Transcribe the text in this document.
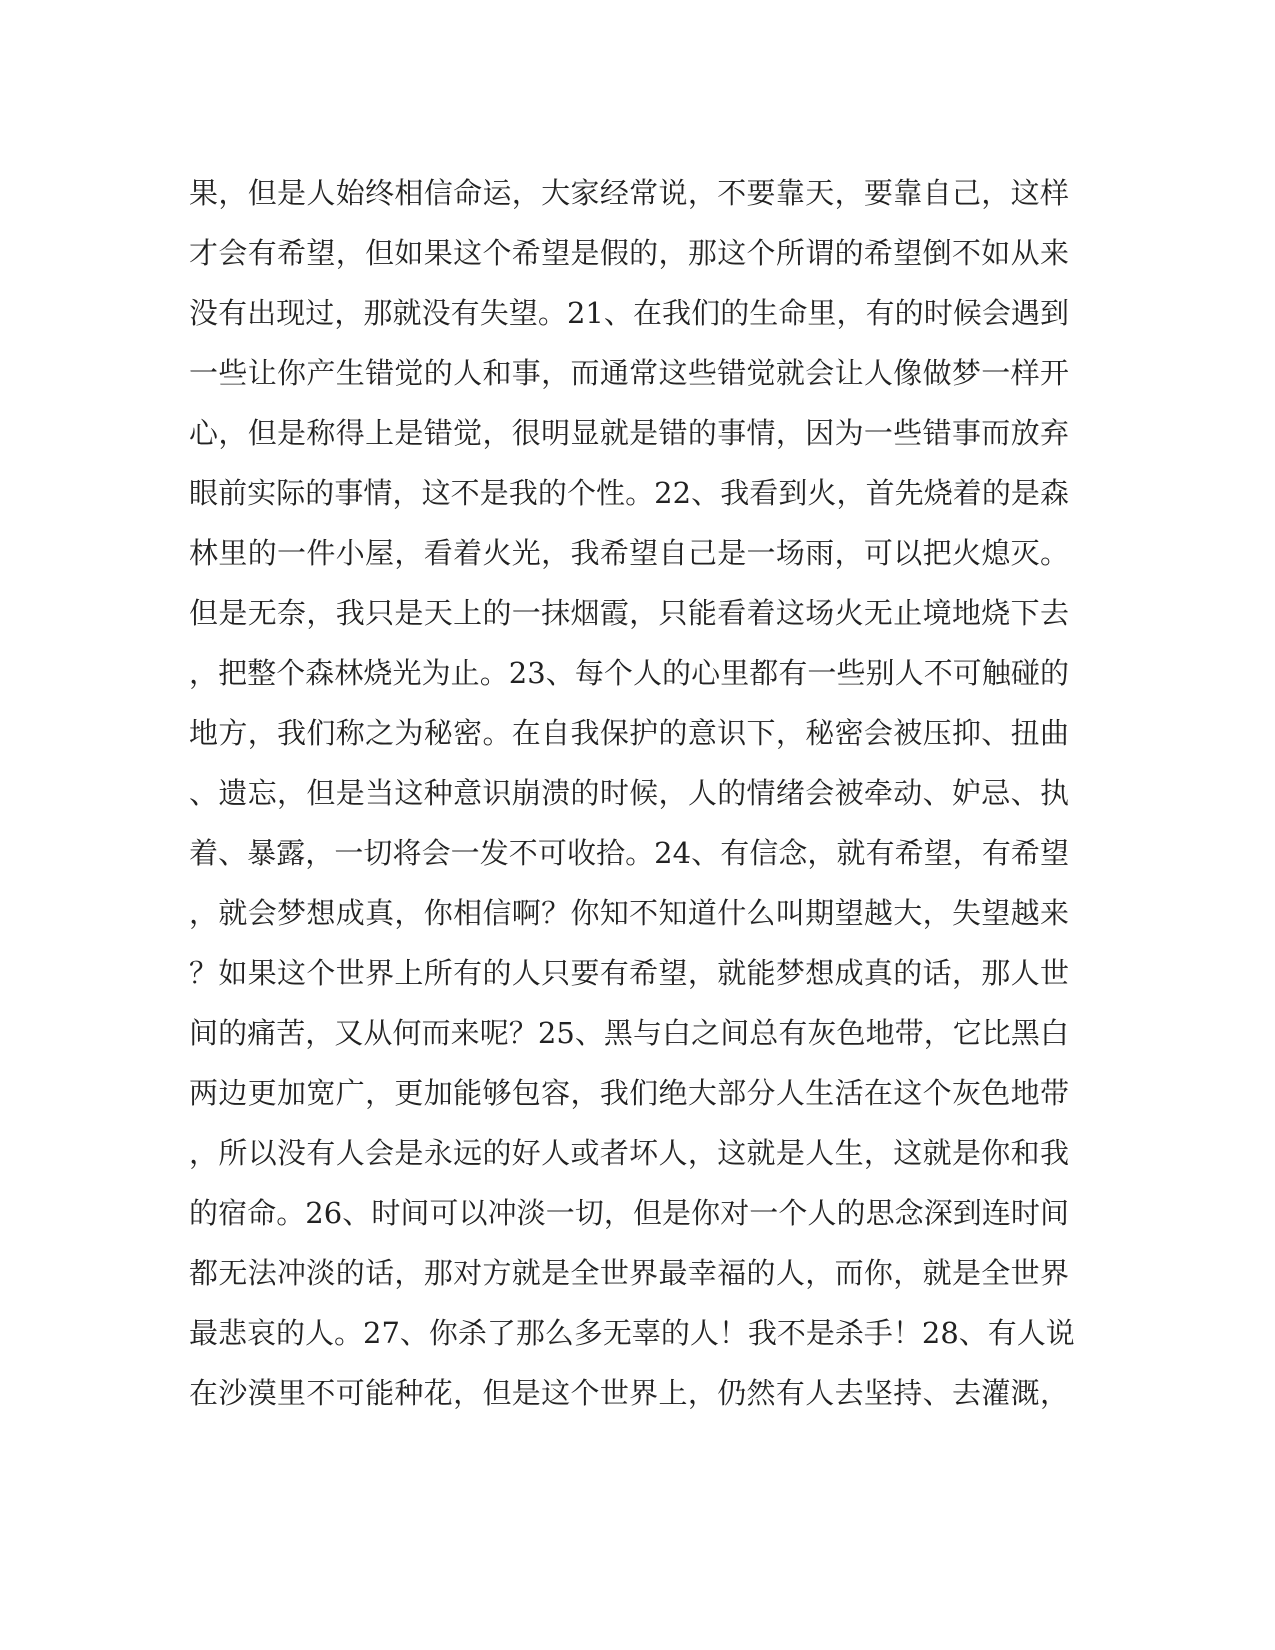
果，但是人始终相信命运，大家经常说，不要靠天，要靠自己，这样
才会有希望，但如果这个希望是假的，那这个所谓的希望倒不如从来
没有出现过，那就没有失望。21、在我们的生命里，有的时候会遇到
一些让你产生错觉的人和事，而通常这些错觉就会让人像做梦一样开
心，但是称得上是错觉，很明显就是错的事情，因为一些错事而放弃
眼前实际的事情，这不是我的个性。22、我看到火，首先烧着的是森
林里的一件小屋，看着火光，我希望自己是一场雨，可以把火熄灭。
但是无奈，我只是天上的一抹烟霞，只能看着这场火无止境地烧下去
，把整个森林烧光为止。23、每个人的心里都有一些别人不可触碰的
地方，我们称之为秘密。在自我保护的意识下，秘密会被压抑、扭曲
、遗忘，但是当这种意识崩溃的时候，人的情绪会被牵动、妒忌、执
着、暴露，一切将会一发不可收拾。24、有信念，就有希望，有希望
，就会梦想成真，你相信啊？你知不知道什么叫期望越大，失望越来
？如果这个世界上所有的人只要有希望，就能梦想成真的话，那人世
间的痛苦，又从何而来呢？25、黑与白之间总有灰色地带，它比黑白
两边更加宽广，更加能够包容，我们绝大部分人生活在这个灰色地带
，所以没有人会是永远的好人或者坏人，这就是人生，这就是你和我
的宿命。26、时间可以冲淡一切，但是你对一个人的思念深到连时间
都无法冲淡的话，那对方就是全世界最幸福的人，而你，就是全世界
最悲哀的人。27、你杀了那么多无辜的人！我不是杀手！28、有人说
在沙漠里不可能种花，但是这个世界上，仍然有人去坚持、去灌溉，
